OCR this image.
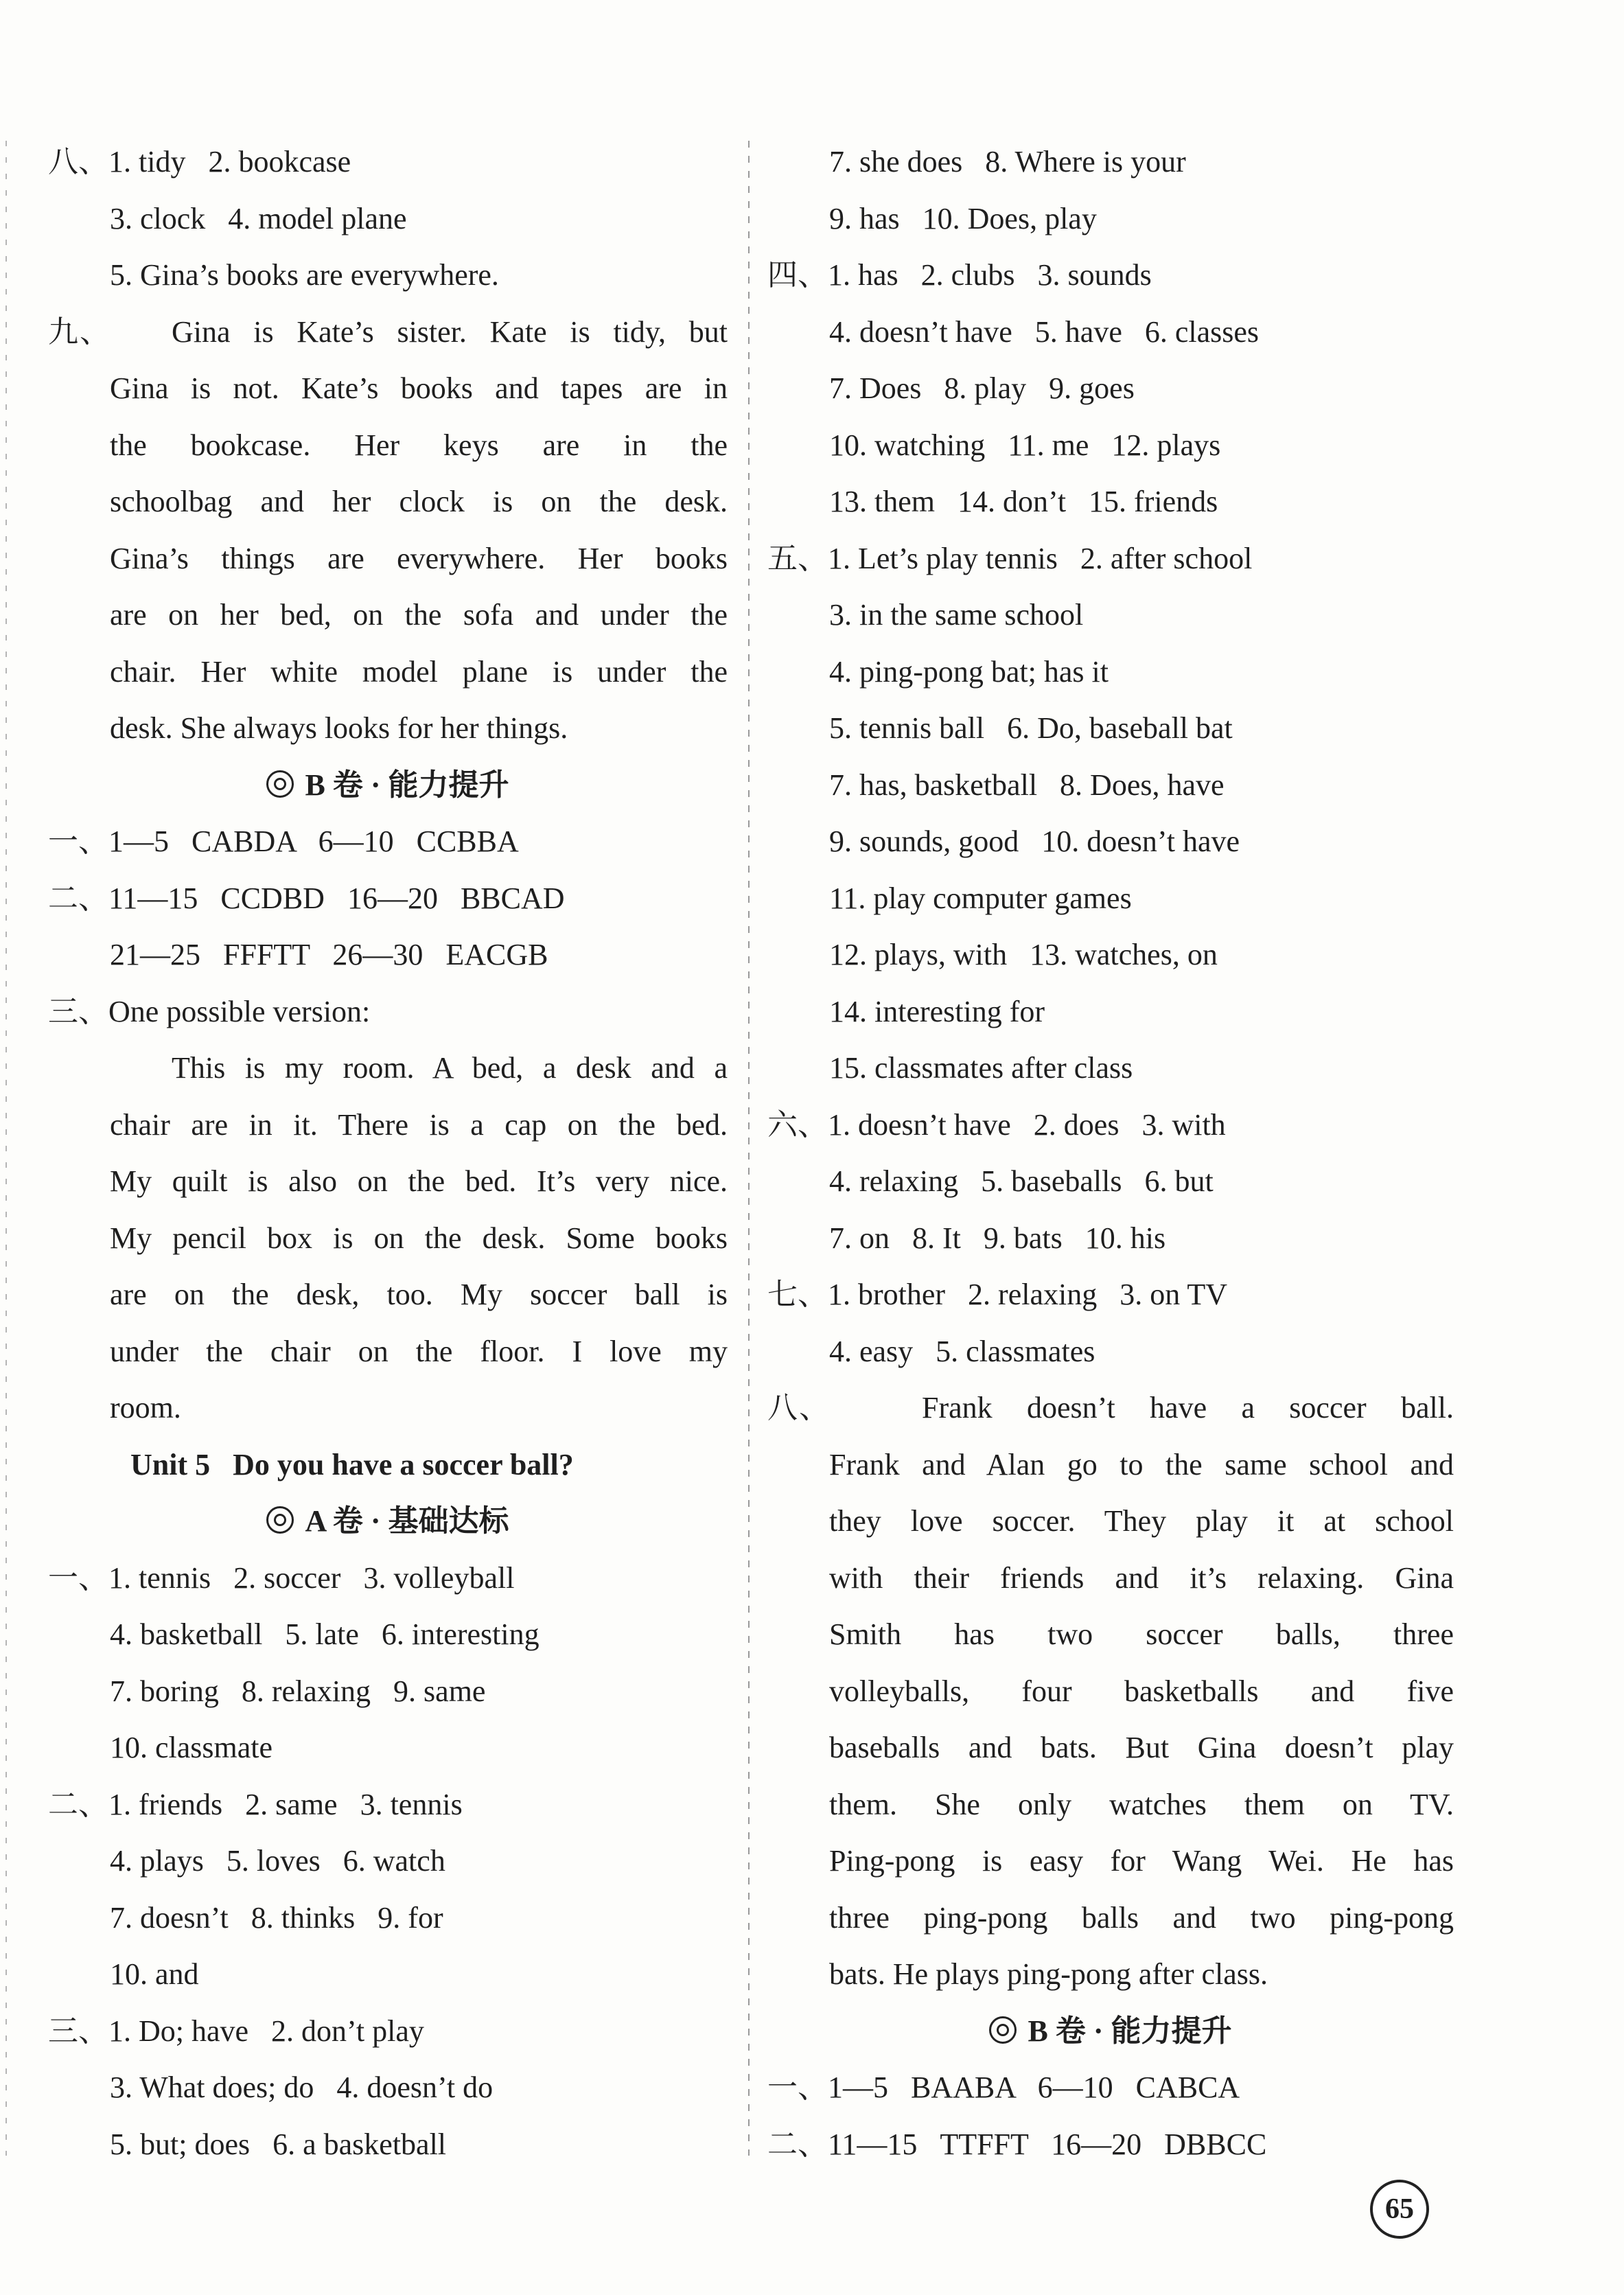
八、1. tidy   2. bookcase
3. clock   4. model plane
5. Gina’s books are everywhere.
九、 Gina is Kate’s sister. Kate is tidy, but
Gina is not. Kate’s books and tapes are in
the bookcase. Her keys are in the
schoolbag and her clock is on the desk.
Gina’s things are everywhere. Her books
are on her bed, on the sofa and under the
chair. Her white model plane is under the
desk. She always looks for her things.
B 卷 · 能力提升
一、1—5   CABDA   6—10   CCBBA
二、11—15   CCDBD   16—20   BBCAD
21—25   FFFTT   26—30   EACGB
三、One possible version:
This is my room. A bed, a desk and a
chair are in it. There is a cap on the bed.
My quilt is also on the bed. It’s very nice.
My pencil box is on the desk. Some books
are on the desk, too. My soccer ball is
under the chair on the floor. I love my
room.
Unit 5 Do you have a soccer ball?
A 卷 · 基础达标
一、1. tennis   2. soccer   3. volleyball
4. basketball   5. late   6. interesting
7. boring   8. relaxing   9. same
10. classmate
二、1. friends   2. same   3. tennis
4. plays   5. loves   6. watch
7. doesn’t   8. thinks   9. for
10. and
三、1. Do; have   2. don’t play
3. What does; do   4. doesn’t do
5. but; does   6. a basketball
7. she does   8. Where is your
9. has   10. Does, play
四、1. has   2. clubs   3. sounds
4. doesn’t have   5. have   6. classes
7. Does   8. play   9. goes
10. watching   11. me   12. plays
13. them   14. don’t   15. friends
五、1. Let’s play tennis   2. after school
3. in the same school
4. ping-pong bat; has it
5. tennis ball   6. Do, baseball bat
7. has, basketball   8. Does, have
9. sounds, good   10. doesn’t have
11. play computer games
12. plays, with   13. watches, on
14. interesting for
15. classmates after class
六、1. doesn’t have   2. does   3. with
4. relaxing   5. baseballs   6. but
7. on   8. It   9. bats   10. his
七、1. brother   2. relaxing   3. on TV
4. easy   5. classmates
八、	Frank doesn’t have a soccer ball.
Frank and Alan go to the same school and
they love soccer. They play it at school
with their friends and it’s relaxing. Gina
Smith has two soccer balls, three
volleyballs, four basketballs and five
baseballs and bats. But Gina doesn’t play
them. She only watches them on TV.
Ping-pong is easy for Wang Wei. He has
three ping-pong balls and two ping-pong
bats. He plays ping-pong after class.
B 卷 · 能力提升
一、1—5   BAABA   6—10   CABCA
二、11—15   TTFFT   16—20   DBBCC
65
